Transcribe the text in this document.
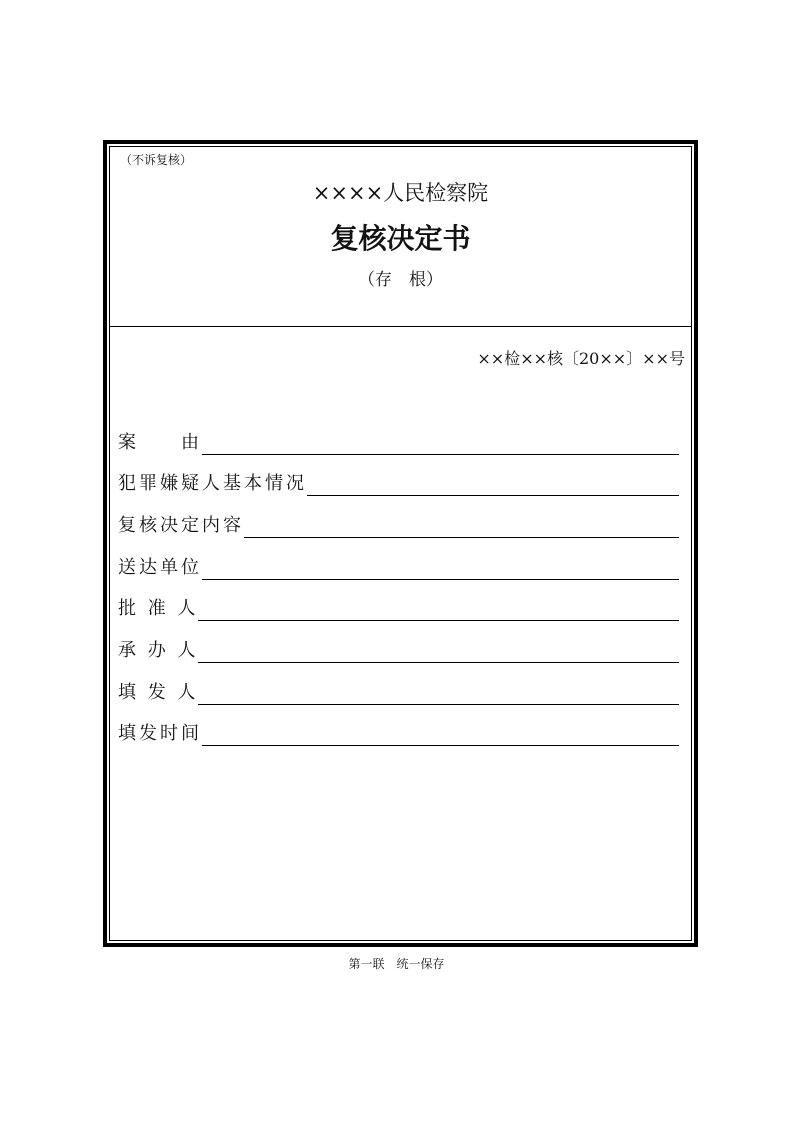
（不诉复核）
××××人民检察院
复核决定书
（存　根）
××检××核〔20××〕××号
案　　由
犯罪嫌疑人基本情况
复核决定内容
送达单位
批 准 人
承 办 人
填 发 人
填发时间
第一联　统一保存
